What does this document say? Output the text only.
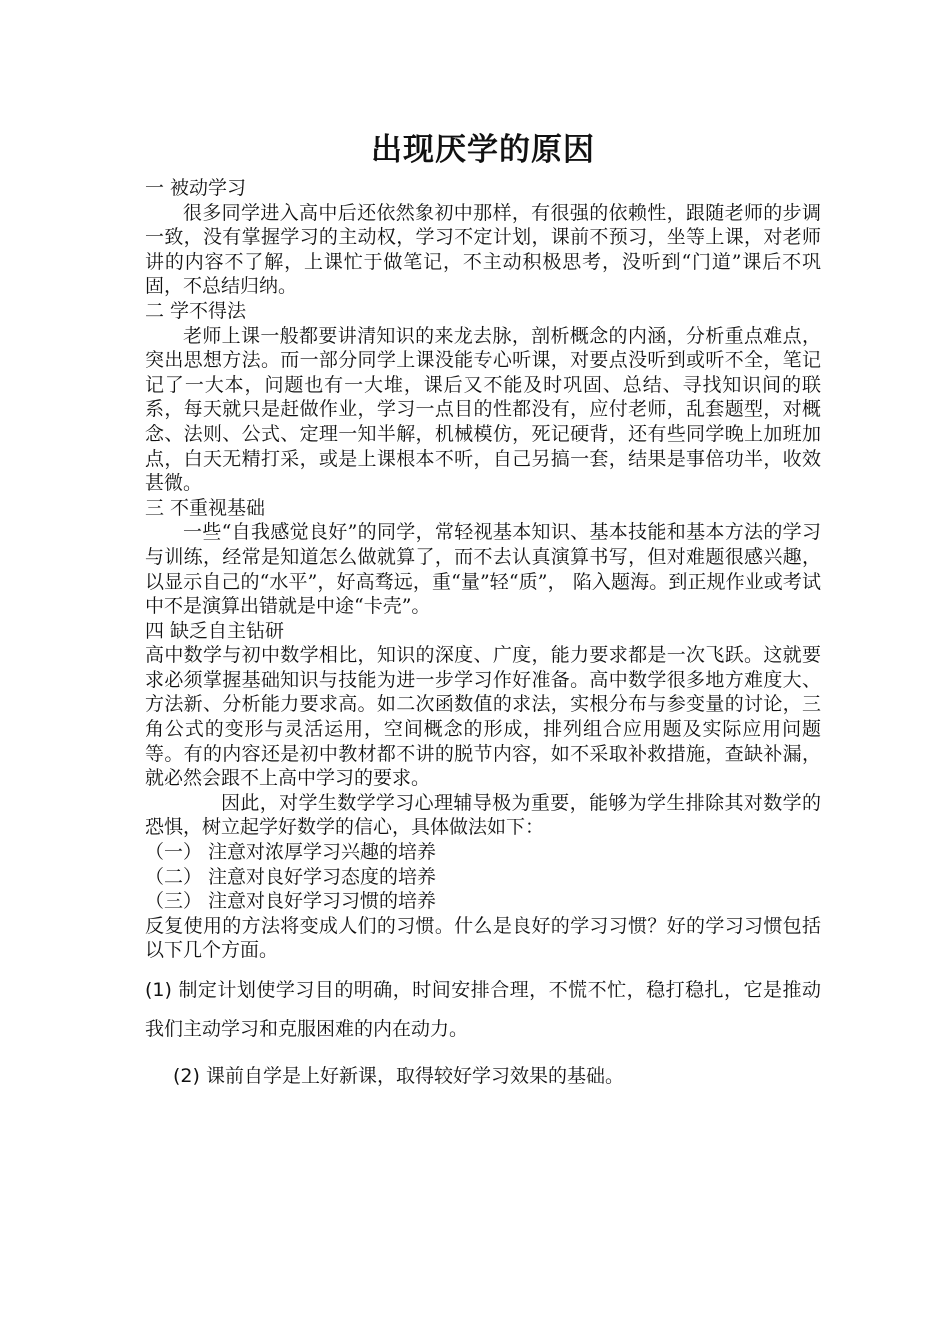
出现厌学的原因

一 被动学习

很多同学进入高中后还依然象初中那样，有很强的依赖性，跟随老师的步调一致，没有掌握学习的主动权，学习不定计划，课前不预习，坐等上课，对老师讲的内容不了解，上课忙于做笔记，不主动积极思考，没听到“门道”课后不巩固，不总结归纳。

二 学不得法

老师上课一般都要讲清知识的来龙去脉，剖析概念的内涵，分析重点难点，突出思想方法。而一部分同学上课没能专心听课，对要点没听到或听不全，笔记记了一大本，问题也有一大堆，课后又不能及时巩固、总结、寻找知识间的联系，每天就只是赶做作业，学习一点目的性都没有，应付老师，乱套题型，对概念、法则、公式、定理一知半解，机械模仿，死记硬背，还有些同学晚上加班加点，白天无精打采，或是上课根本不听，自己另搞一套，结果是事倍功半，收效甚微。

三 不重视基础

一些“自我感觉良好”的同学，常轻视基本知识、基本技能和基本方法的学习与训练，经常是知道怎么做就算了，而不去认真演算书写，但对难题很感兴趣，以显示自己的“水平”，好高骛远，重“量”轻“质”， 陷入题海。到正规作业或考试中不是演算出错就是中途“卡壳”。

四 缺乏自主钻研

高中数学与初中数学相比，知识的深度、广度，能力要求都是一次飞跃。这就要求必须掌握基础知识与技能为进一步学习作好准备。高中数学很多地方难度大、方法新、分析能力要求高。如二次函数值的求法，实根分布与参变量的讨论，三角公式的变形与灵活运用，空间概念的形成，排列组合应用题及实际应用问题等。有的内容还是初中教材都不讲的脱节内容，如不采取补救措施，查缺补漏，就必然会跟不上高中学习的要求。

因此，对学生数学学习心理辅导极为重要，能够为学生排除其对数学的恐惧，树立起学好数学的信心，具体做法如下：

（一） 注意对浓厚学习兴趣的培养

（二） 注意对良好学习态度的培养

（三） 注意对良好学习习惯的培养

反复使用的方法将变成人们的习惯。什么是良好的学习习惯？好的学习习惯包括以下几个方面。

(1) 制定计划使学习目的明确，时间安排合理，不慌不忙，稳打稳扎，它是推动我们主动学习和克服困难的内在动力。

(2) 课前自学是上好新课，取得较好学习效果的基础。
